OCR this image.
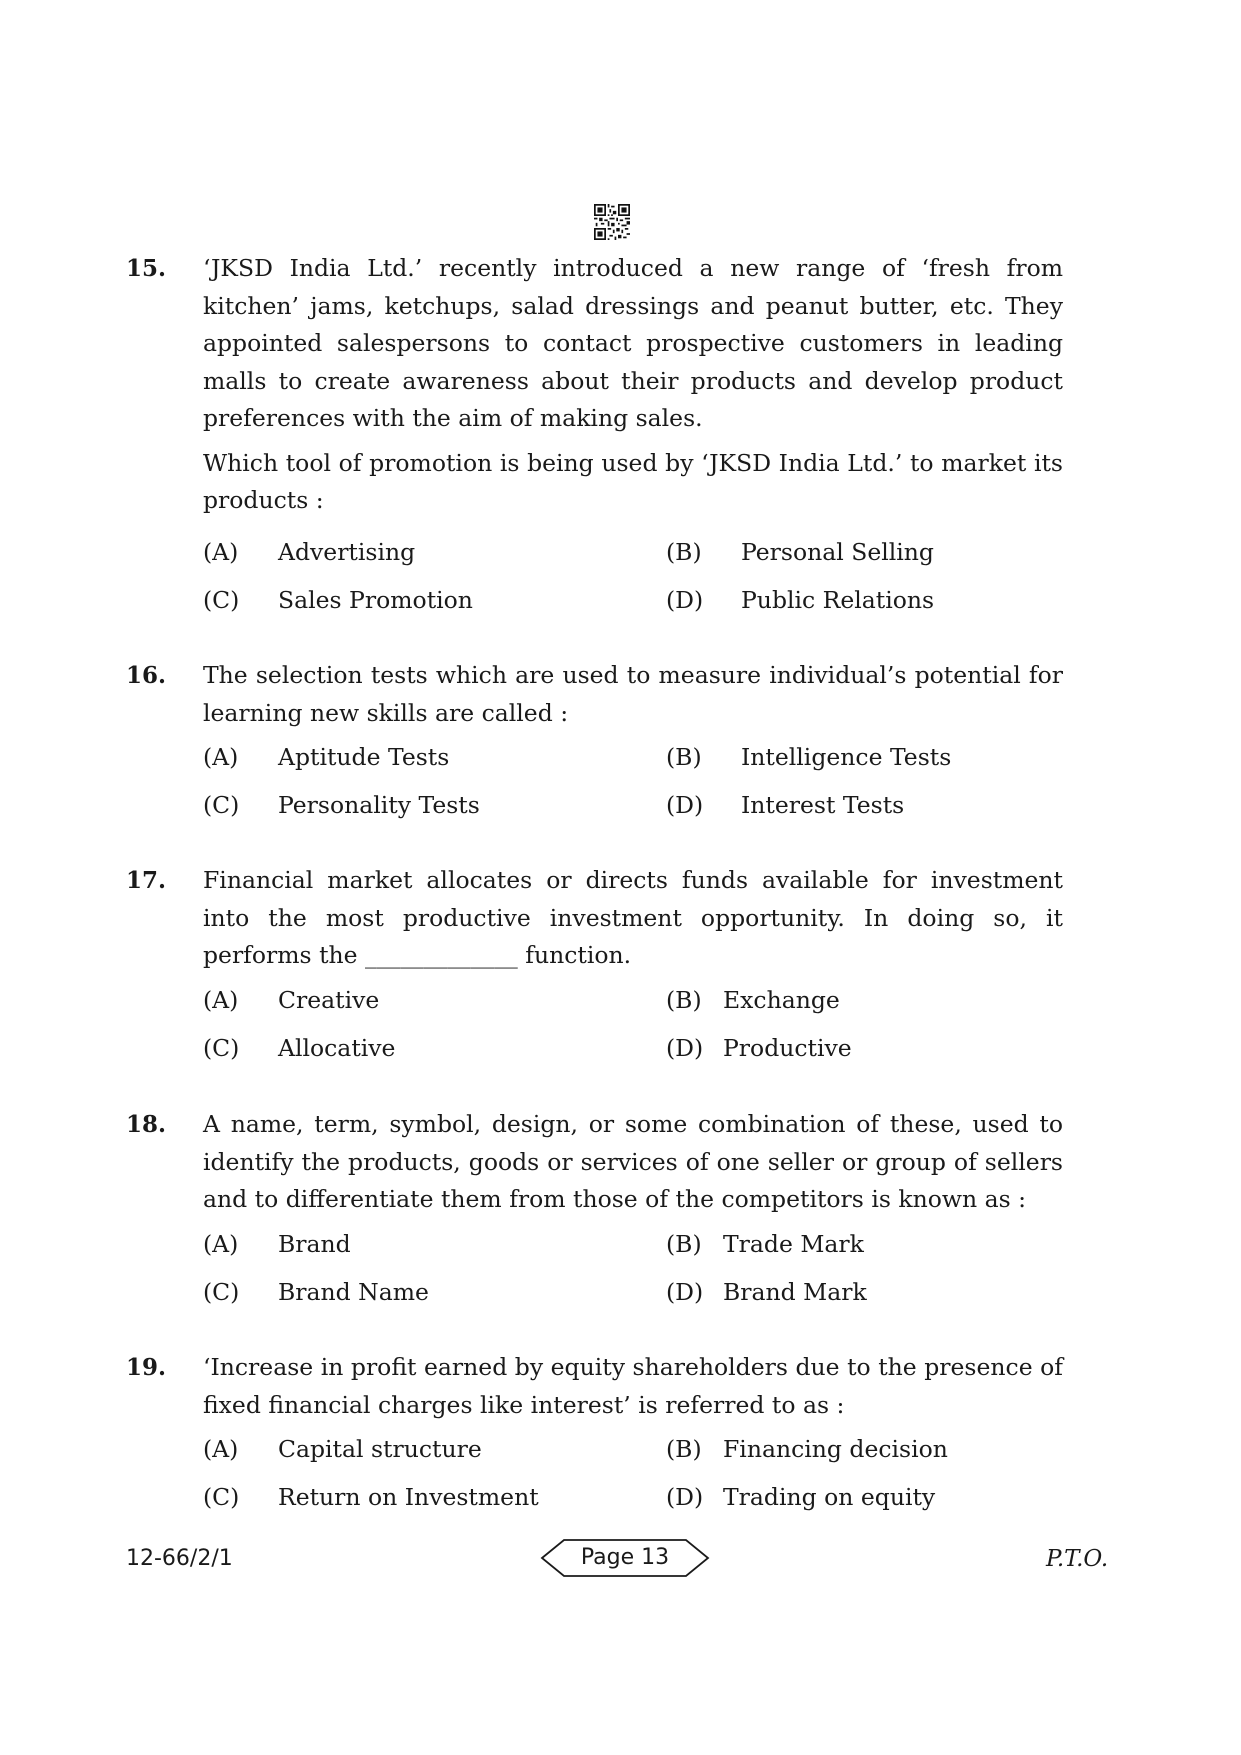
15. ‘JKSD India Ltd.’ recently introduced a new range of ‘fresh from kitchen’ jams, ketchups, salad dressings and peanut butter, etc. They appointed salespersons to contact prospective customers in leading malls to create awareness about their products and develop product preferences with the aim of making sales.

Which tool of promotion is being used by ‘JKSD India Ltd.’ to market its products :

(A) Advertising	(B) Personal Selling
(C) Sales Promotion	(D) Public Relations
16. The selection tests which are used to measure individual’s potential for learning new skills are called :

(A) Aptitude Tests	(B) Intelligence Tests
(C) Personality Tests	(D) Interest Tests
17. Financial market allocates or directs funds available for investment into the most productive investment opportunity. In doing so, it performs the _____________ function.

(A) Creative	(B) Exchange
(C) Allocative	(D) Productive
18. A name, term, symbol, design, or some combination of these, used to identify the products, goods or services of one seller or group of sellers and to differentiate them from those of the competitors is known as :

(A) Brand	(B) Trade Mark
(C) Brand Name	(D) Brand Mark
19. ‘Increase in profit earned by equity shareholders due to the presence of fixed financial charges like interest’ is referred to as :

(A) Capital structure	(B) Financing decision
(C) Return on Investment	(D) Trading on equity
12-66/2/1	Page 13	P.T.O.
